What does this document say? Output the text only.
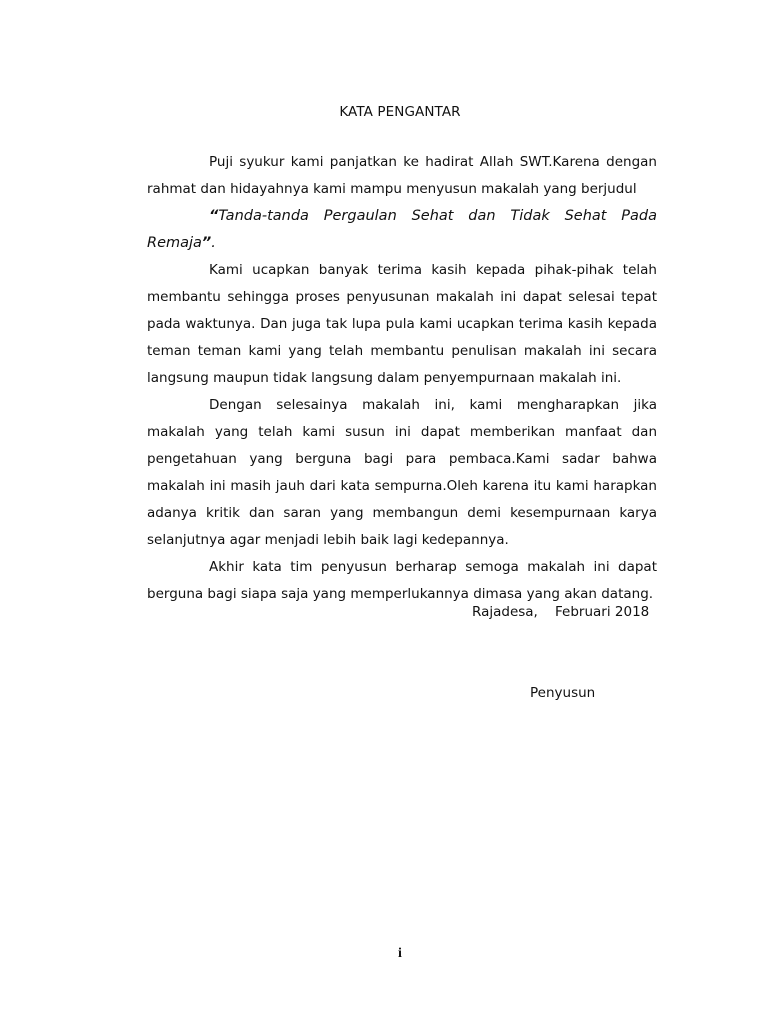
KATA PENGANTAR

Puji syukur kami panjatkan ke hadirat Allah SWT.Karena dengan rahmat dan hidayahnya kami mampu menyusun makalah yang berjudul
“Tanda-tanda Pergaulan Sehat dan Tidak Sehat Pada Remaja”.

Kami ucapkan banyak terima kasih kepada pihak-pihak telah membantu sehingga proses penyusunan makalah ini dapat selesai tepat pada waktunya. Dan juga tak lupa pula kami ucapkan terima kasih kepada teman teman kami yang telah membantu penulisan makalah ini secara langsung maupun tidak langsung dalam penyempurnaan makalah ini.

Dengan selesainya makalah ini, kami mengharapkan jika makalah yang telah kami susun ini dapat memberikan manfaat dan pengetahuan yang berguna bagi para pembaca.Kami sadar bahwa makalah ini masih jauh dari kata sempurna.Oleh karena itu kami harapkan adanya kritik dan saran yang membangun demi kesempurnaan karya selanjutnya agar menjadi lebih baik lagi kedepannya.

Akhir kata tim penyusun berharap semoga makalah ini dapat berguna bagi siapa saja yang memperlukannya dimasa yang akan datang.

Rajadesa,    Februari 2018
Penyusun
i
